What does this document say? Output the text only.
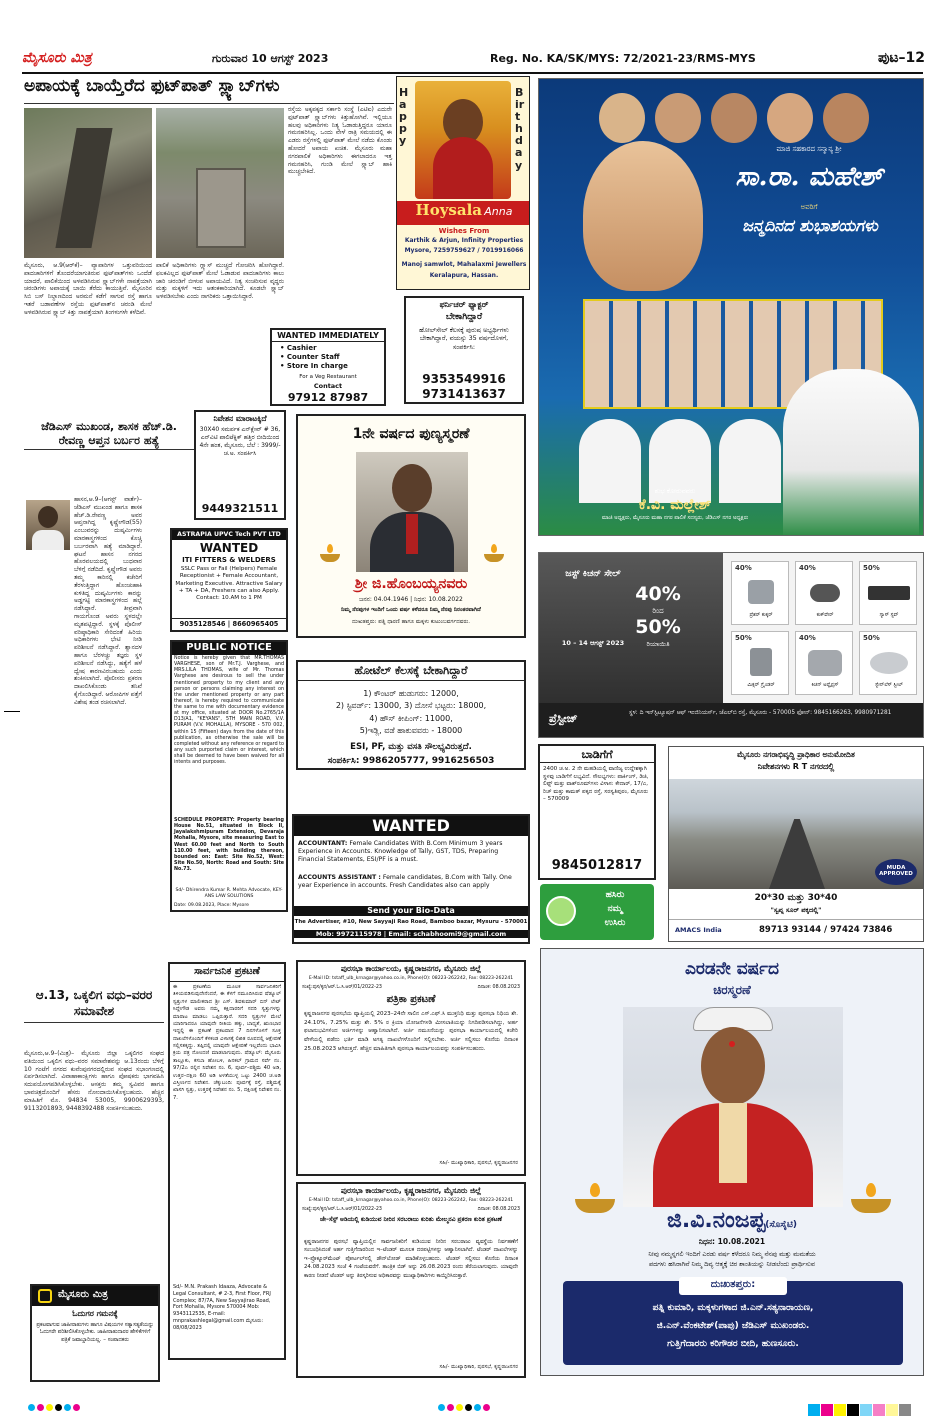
ಮೈಸೂರು ಮಿತ್ರ	ಗುರುವಾರ 10 ಆಗಸ್ಟ್ 2023	Reg. No. KA/SK/MYS: 72/2021-23/RMS-MYS	ಪುಟ–12
ಅಪಾಯಕ್ಕೆ ಬಾಯ್ತೆರೆದ ಫುಟ್‌ಪಾತ್ ಸ್ಲ್ಯಾಬ್‌ಗಳು
ಮೈಸೂರು, ಆ.9(ಆರ್‌ಕೆ)– ವ್ಯಾಪಾರಿಗಳ ಒತ್ತುವರಿಯಿಂದ ಪಾದಚಾರಿಗಳಿಗೆ ತೊಂದರೆಯಾಗುತಿರುವ ಫುಟ್‌ಪಾತ್‌ಗಳು ಒಂದೆಡೆ ಯಾದರೆ, ಪಾಲಿಕೆಯಿಂದ ಅಳವಡಿಸಿರುವ ಸ್ಲ್ಯಾಬ್‌ಗಳೇ ನಾಪತ್ತೆಯಾಗಿ ಚರಂಡಿಗಳು ಅಪಾಯಕ್ಕೆ ಬಾಯಿ ತೆರೆದು ಕಾಯುತ್ತಿವೆ. ಮೈಸೂರಿನ ಸಿಬಿ ಬಸ್ ನಿಲ್ದಾಣದಿಂದ ಅರಮನೆ ಕಡೆಗೆ ಸಾಗುವ ರಸ್ತೆ ಹಾಗೂ ಇತರೆ ಬಡಾವಣೆಗಳ ರಸ್ತೆಯ ಫುಟ್‌ಪಾತ್‌ನ ಚರಂಡಿ ಮೇಲೆ ಅಳವಡಿಸಿರುವ ಸ್ಲ್ಯಾಬ್ ಕಿತ್ತು ನಾಪತ್ತೆಯಾಗಿ ತಿಂಗಳುಗಳೇ ಕಳೆದಿವೆ.
ಪಾಲಿಕೆ ಅಧಿಕಾರಿಗಳು ಗ್ಲ್ಯಾಸ್ ಮುಚ್ಚದೆ ಗೋಚರಿಸಿ ಹೋಗಿದ್ದಾರೆ. ಫಲಕವಿಲ್ಲದ ಫುಟ್‌ಪಾತ್ ಮೇಲೆ ಓಡಾಡುವ ಪಾದಚಾರಿಗಳು ಕಾಲು ಜಾರಿ ಚರಂಡಿಗೆ ಬೀಳುವ ಅಪಾಯವಿದೆ. ನಿತ್ಯ ಸಂಚರಿಸುವ ವೃದ್ಧರು ಮತ್ತು ಮಕ್ಕಳಿಗೆ ಇದು ಆತಂಕಕಾರಿಯಾಗಿದೆ. ಕೂಡಲೇ ಸ್ಲ್ಯಾಬ್ ಅಳವಡಿಸಬೇಕು ಎಂದು ನಾಗರಿಕರು ಒತ್ತಾಯಿಸಿದ್ದಾರೆ.
ರಸ್ತೆಯ ಅಕ್ಕಪಕ್ಕದ ಸರ್ಕಾರಿ ಸಂಸ್ಥೆ (ಎಟಿಐ) ಎದುರೇ ಫುಟ್‌ಪಾತ್ ಸ್ಲ್ಯಾಬ್‌ಗಳು ಕಿತ್ತುಹೋಗಿವೆ. ಇಲ್ಲಿಯೂ ಹಲವು ಅಧಿಕಾರಿಗಳು ನಿತ್ಯ ಓಡಾಡುತ್ತಿದ್ದರೂ ಯಾರೂ ಗಮನಹರಿಸಿಲ್ಲ. ಒಂದು ವೇಳೆ ರಾತ್ರಿ ಸಮಯದಲ್ಲಿ ಈ ಎಡರು ರಸ್ತೆಗಳಲ್ಲಿ ಫುಟ್‌ಪಾತ್ ಮೇಲೆ ನಡೆದು ಕೊಂಡು ಹೋದರೆ ಅಪಾಯ ಖಚಿತ. ಮೈಸೂರು ಮಹಾ ನಗರಪಾಲಿಕೆ ಅಧಿಕಾರಿಗಳು ಈಗಲಾದರೂ ಇತ್ತ ಗಮನಹರಿಸಿ, ಗುಂಡಿ ಮೇಲೆ ಸ್ಲ್ಯಾಬ್ ಹಾಕಿ ಮುಚ್ಚಬೇಕಿದೆ.
Happy
Birthday
Hoysala Anna
Wishes From
Karthik & Arjun, Infinity Properties
Mysore, 7259759627 / 7019916066
Manoj samwlot, Mahalaxmi Jewellers
Keralapura, Hassan.
ಫರ್ನಿಚರ್ ಫ್ಯಾಕ್ಟರ್
ಬೇಕಾಗಿದ್ದಾರೆ
ಹೋಲ್‌ಸೇಲ್ ಕೆಲಸಕ್ಕೆ ಪುರುಷ ಅಭ್ಯರ್ಥಿಗಳು ಬೇಕಾಗಿದ್ದಾರೆ, ವಯಸ್ಸು 35 ವರ್ಷದೊಳಗೆ, ಸಂಪರ್ಕಿಸಿ:
9353549916
9731413637
WANTED IMMEDIATELY
• Cashier
• Counter Staff
• Store In charge
For a Veg Restaurant
Contact
97912 87987
ಜೆಡಿಎಸ್ ಮುಖಂಡ, ಶಾಸಕ ಹೆಚ್.ಡಿ. ರೇವಣ್ಣ ಆಪ್ತನ ಬರ್ಬರ ಹತ್ಯೆ
ಹಾಸನ,ಆ.9–(ಆಗಸ್ಟ್ ವಾರ್ತೆ)– ಜೆಡಿಎಸ್ ಮುಖಂಡ ಹಾಗೂ ಶಾಸಕ ಹೆಚ್.ಡಿ.ರೇವಣ್ಣ ಅವರ ಆಪ್ತನಾಗಿದ್ದ ಕೃಷ್ಣೇಗೌಡ(55) ಎಂಬುವರನ್ನು ದುಷ್ಕರ್ಮಿಗಳು ಮಾರಕಾಸ್ತ್ರಗಳಿಂದ ಕೊಚ್ಚಿ ಬರ್ಬರವಾಗಿ ಹತ್ಯೆ ಮಾಡಿದ್ದಾರೆ. ಘಟನೆ ಹಾಸನ ನಗರದ ಹೊರವಲಯದಲ್ಲಿ ಬುಧವಾರ ಬೆಳಿಗ್ಗೆ ನಡೆದಿದೆ. ಕೃಷ್ಣೇಗೌಡ ಅವರು ತಮ್ಮ ಕಾರಿನಲ್ಲಿ ಕಚೇರಿಗೆ ತೆರಳುತ್ತಿದ್ದಾಗ ಹೊಂಚುಹಾಕಿ ಕುಳಿತಿದ್ದ ದುಷ್ಕರ್ಮಿಗಳು ಕಾರನ್ನು ಅಡ್ಡಗಟ್ಟಿ ಮಾರಕಾಸ್ತ್ರಗಳಿಂದ ಹಲ್ಲೆ ನಡೆಸಿದ್ದಾರೆ. ತೀವ್ರವಾಗಿ ಗಾಯಗೊಂಡ ಅವರು ಸ್ಥಳದಲ್ಲೇ ಮೃತಪಟ್ಟಿದ್ದಾರೆ. ಸ್ಥಳಕ್ಕೆ ಪೊಲೀಸ್ ವರಿಷ್ಠಾಧಿಕಾರಿ ಸೇರಿದಂತೆ ಹಿರಿಯ ಅಧಿಕಾರಿಗಳು ಭೇಟಿ ನೀಡಿ ಪರಿಶೀಲನೆ ನಡೆಸಿದ್ದಾರೆ. ಶ್ವಾನದಳ ಹಾಗೂ ಬೆರಳಚ್ಚು ತಜ್ಞರು ಸ್ಥಳ ಪರಿಶೀಲನೆ ನಡೆಸಿದ್ದು, ಹತ್ಯೆಗೆ ಹಳೆ ದ್ವೇಷ ಕಾರಣವಿರಬಹುದು ಎಂದು ಶಂಕಿಸಲಾಗಿದೆ. ಪೊಲೀಸರು ಪ್ರಕರಣ ದಾಖಲಿಸಿಕೊಂಡು ತನಿಖೆ ಕೈಗೊಂಡಿದ್ದಾರೆ. ಆರೋಪಿಗಳ ಪತ್ತೆಗೆ ವಿಶೇಷ ತಂಡ ರಚಿಸಲಾಗಿದೆ.
ನಿವೇಶನ ಮಾರಾಟಕ್ಕಿದೆ
30X40 ಸಮರ್ಪಕ ಎನ್‌ಕ್ಲೇವ್ # 36, ಎನ್‌ವಿಟಿ ಪಾಲಿಟೆಕ್ನಿಕ್ ಹತ್ತಿರ ಬೀದಿಯಿಂದ 4ನೇ ಹಂತ, ಮೈಸೂರು, ಬೆಲೆ : 3999/- ಚ.ಅ. ಸಂಪರ್ಕಿಸಿ
9449321511
ASTRAPIA UPVC Tech PVT LTD
WANTED
ITI FITTERS & WELDERS
SSLC Pass or Fail (Helpers) Female Receptionist + Female Accountant, Marketing Executive. Attractive Salary + TA + DA, Freshers can also Apply. Contact: 10.AM to 1 PM
9035128546 | 8660965405
1ನೇ ವರ್ಷದ ಪುಣ್ಯಸ್ಮರಣೆ
ಶ್ರೀ ಜಿ.ಹೊಂಬಯ್ಯನವರು
ಜನನ: 04.04.1946 | ನಿಧನ: 10.08.2022
ನಿಮ್ಮ ನೆನಪುಗಳ ಇಂದಿಗೆ ಒಂದು ವರ್ಷ ಕಳೆದರೂ ನಿಮ್ಮ ನೆನಪು ನಿರಂತರವಾಗಿದೆ
ದುಃಖತಪ್ತರು: ಪತ್ನಿ ಧಾರಣಿ ಹಾಗೂ ಮಕ್ಕಳು ಕುಟುಂಬವರ್ಗದವರು.
PUBLIC NOTICE
Notice is hereby given that MR.THOMAS VARGHESE, son of Mr.T.J. Varghese, and MRS.LILA THOMAS, wife of Mr. Thomas Varghese are desirous to sell the under mentioned property to my client and any person or persons claiming any interest on the under mentioned property or any part thereof, is hereby required to communicate the same to me with documentary evidence at my office, situated at DOOR No.2765/1A D13/A1, "KEYANS", 5TH MAIN ROAD, V.V. PURAM (V.V. MOHALLA), MYSORE - 570 002, within 15 (Fifteen) days from the date of this publication, as otherwise the sale will be completed without any reference or regard to any such purported claim or interest, which shall be deemed to have been waived for all intents and purposes.
SCHEDULE PROPERTY: Property bearing House No.51, situated in Block II, Jayalakshmipuram Extension, Devaraja Mohalla, Mysore, site measuring East to West 60.00 feet and North to South 110.00 feet, with building thereon, bounded on: East: Site No.52, West: Site No.50, North: Road and South: Site No.73.
Sd/- Dhirendra Kumar R. Mehta Advocate, KEY-ANS LAW SOLUTIONS
Date: 09.08.2023, Place: Mysore
ಹೋಟೆಲ್ ಕೆಲಸಕ್ಕೆ ಬೇಕಾಗಿದ್ದಾರೆ
1) ಕೌಂಟರ್ ಹುಡುಗರು: 12000,
2) ಸ್ಟಿವರ್ಡ್: 13000, 3) ದೋಸೆ ಭಟ್ಟರು: 18000,
4) ಹೌಸ್ ಕೀಪಿಂಗ್: 11000,
5)ಇಡ್ಲಿ, ವಡೆ ಹಾಕುವವರು - 18000
ESI, PF, ಮತ್ತು ವಸತಿ ಸೌಲಭ್ಯವಿರುತ್ತದೆ.
ಸಂಪರ್ಕಿಸಿ: 9986205777, 9916256503
WANTED
ACCOUNTANT: Female Candidates With B.Com Minimum 3 years Experience in Accounts. Knowledge of Tally, GST, TDS, Preparing Financial Statements, ESI/PF is a must.
ACCOUNTS ASSISTANT : Female candidates, B.Com with Tally. One year Experience in accounts. Fresh Candidates also can apply
Send your Bio-Data
The Advertiser, #10, New Sayyaji Rao Road, Bamboo bazar, Mysuru - 570001
Mob: 9972115978 | Email: schabhoomi9@gmail.com
ಆ.13, ಒಕ್ಕಲಿಗ ವಧು–ವರರ ಸಮಾವೇಶ
ಮೈಸೂರು,ಆ.9–(ಮಿತ್ರ)– ಮೈಸೂರು ಜಿಲ್ಲಾ ಒಕ್ಕಲಿಗರ ಸಂಘದ ವತಿಯಿಂದ ಒಕ್ಕಲಿಗ ವಧು–ವರರ ಸಮಾವೇಶವನ್ನು ಆ.13ರಂದು ಬೆಳಿಗ್ಗೆ 10 ಗಂಟೆಗೆ ನಗರದ ಕುವೆಂಪುನಗರದಲ್ಲಿರುವ ಸಂಘದ ಸಭಾಂಗಣದಲ್ಲಿ ಏರ್ಪಡಿಸಲಾಗಿದೆ. ವಿವಾಹಾಕಾಂಕ್ಷಿಗಳು ಹಾಗೂ ಪೋಷಕರು ಭಾಗವಹಿಸಿ ಸದುಪಯೋಗಪಡಿಸಿಕೊಳ್ಳಬೇಕು. ಆಸಕ್ತರು ತಮ್ಮ ಸ್ವವಿವರ ಹಾಗೂ ಭಾವಚಿತ್ರದೊಂದಿಗೆ ಹೆಸರು ನೋಂದಾಯಿಸಿಕೊಳ್ಳಬಹುದು. ಹೆಚ್ಚಿನ ಮಾಹಿತಿಗೆ ಮೊ. 94834 53005, 9900629393, 9113201893, 9448392488 ಸಂಪರ್ಕಿಸಬಹುದು.
ಮೈಸೂರು ಮಿತ್ರ
ಓದುಗರ ಗಮನಕ್ಕೆ
ಪ್ರಕಟವಾಗುವ ಜಾಹೀರಾತುಗಳು ಹಾಗೂ ವಿಷಯಗಳ ಸತ್ಯಾಸತ್ಯತೆಯನ್ನು ಓದುಗರೇ ಪರಿಶೀಲಿಸಿಕೊಳ್ಳಬೇಕು. ಜಾಹೀರಾತುದಾರರ ಹೇಳಿಕೆಗಳಿಗೆ ಪತ್ರಿಕೆ ಜವಾಬ್ದಾರಿಯಲ್ಲ. – ಸಂಪಾದಕರು
ಸಾರ್ವಜನಿಕ ಪ್ರಕಟಣೆ
ಈ ಪ್ರಕಟಣೆಯ ಮೂಲಕ ಸಾರ್ವಜನಿಕರಿಗೆ ತಿಳಿಯಪಡಿಸುವುದೇನೆಂದರೆ, ಈ ಕೆಳಗೆ ನಮೂದಿಸಿರುವ ಷೆಡ್ಯೂಲ್ ಸ್ವತ್ತುಗಳ ಮಾಲೀಕರಾದ ಶ್ರೀ ಎಸ್. ಶಿವಕುಮಾರ್ ಬಿನ್ ಲೇಟ್ ಸಿದ್ದೇಗೌಡ ಅವರು ನಮ್ಮ ಕಕ್ಷಿದಾರರಿಗೆ ಸದರಿ ಸ್ವತ್ತುಗಳನ್ನು ಮಾರಾಟ ಮಾಡಲು ಒಪ್ಪಿರುತ್ತಾರೆ. ಸದರಿ ಸ್ವತ್ತುಗಳ ಮೇಲೆ ಯಾರಿಗಾದರೂ ಯಾವುದೇ ರೀತಿಯ ಹಕ್ಕು, ಬಾಧ್ಯತೆ, ಋಣಭಾರ ಇದ್ದಲ್ಲಿ ಈ ಪ್ರಕಟಣೆ ಪ್ರಕಟವಾದ 7 ದಿನಗಳೊಳಗೆ ಸೂಕ್ತ ದಾಖಲೆಗಳೊಂದಿಗೆ ಕೆಳಕಂಡ ವಿಳಾಸಕ್ಕೆ ಲಿಖಿತ ರೂಪದಲ್ಲಿ ಆಕ್ಷೇಪಣೆ ಸಲ್ಲಿಸತಕ್ಕದ್ದು. ತಪ್ಪಿದಲ್ಲಿ ಯಾವುದೇ ಆಕ್ಷೇಪಣೆ ಇಲ್ಲವೆಂದು ಭಾವಿಸಿ ಕ್ರಯ ಪತ್ರ ನೋಂದಣಿ ಮಾಡಲಾಗುವುದು. ಷೆಡ್ಯೂಲ್: ಮೈಸೂರು ತಾಲ್ಲೂಕು, ಕಸಬಾ ಹೋಬಳಿ, ಹಿನಕಲ್ ಗ್ರಾಮದ ಸರ್ವೆ ನಂ. 97/2ಎ ರಲ್ಲಿನ ನಿವೇಶನ ನಂ. 6, ಪೂರ್ವ–ಪಶ್ಚಿಮ 40 ಅಡಿ, ಉತ್ತರ–ದಕ್ಷಿಣ 60 ಅಡಿ ಅಳತೆಯುಳ್ಳ ಒಟ್ಟು 2400 ಚ.ಅಡಿ ವಿಸ್ತೀರ್ಣದ ನಿವೇಶನ. ಚೆಕ್ಕುಬಂದಿ: ಪೂರ್ವಕ್ಕೆ ರಸ್ತೆ, ಪಶ್ಚಿಮಕ್ಕೆ ಖಾಸಗಿ ಸ್ವತ್ತು, ಉತ್ತರಕ್ಕೆ ನಿವೇಶನ ನಂ. 5, ದಕ್ಷಿಣಕ್ಕೆ ನಿವೇಶನ ನಂ. 7.
Sd/- M.N. Prakash Idaaza, Advocate & Legal Consultant, # 2-3, First Floor, FRJ Complex; 87/7A, New Sayyajirao Road, Fort Mohalla, Mysore 570004 Mob: 9343112535, E-mail: mnprakashlegal@gmail.com ಮೈಸೂರು: 08/08/2023
ಪುರಸಭಾ ಕಾರ್ಯಾಲಯ, ಕೃಷ್ಣರಾಜನಗರ, ಮೈಸೂರು ಜಿಲ್ಲೆ
E-Mail ID: tstaff_ulb_krnagar@yahoo.co.in, Phone(O): 08223-262242, Fax: 08223-262241
ಸಂಖ್ಯೆ:ಪುಸ/ಕೃನ/ಆರ್.ಓ.ಸಿ.ಆರ್/01/2022-23	ದಿನಾಂಕ: 08.08.2023
ಪತ್ರಿಕಾ ಪ್ರಕಟಣೆ
ಕೃಷ್ಣರಾಜನಗರ ಪುರಸಭೆಯ ವ್ಯಾಪ್ತಿಯಲ್ಲಿ 2023–24ನೇ ಸಾಲಿನ ಎಸ್.ಎಫ್.ಸಿ ಮುಕ್ತನಿಧಿ ಮತ್ತು ಪುರಸಭಾ ನಿಧಿಯ ಶೇ. 24.10%, 7.25% ಮತ್ತು ಶೇ. 5% ರ ಕ್ರಿಯಾ ಯೋಜನೆಗಳಡಿ ಮೀಸಲಾತಿಯನ್ನು ನಿಗದಿಪಡಿಸಲಾಗಿದ್ದು, ಅರ್ಹ ಫಲಾನುಭವಿಗಳಿಂದ ಅರ್ಜಿಗಳನ್ನು ಆಹ್ವಾನಿಸಲಾಗಿದೆ. ಅರ್ಜಿ ನಮೂನೆಯನ್ನು ಪುರಸಭಾ ಕಾರ್ಯಾಲಯದಲ್ಲಿ ಕಚೇರಿ ವೇಳೆಯಲ್ಲಿ ಪಡೆದು ಭರ್ತಿ ಮಾಡಿ ಅಗತ್ಯ ದಾಖಲೆಗಳೊಂದಿಗೆ ಸಲ್ಲಿಸಬೇಕು. ಅರ್ಜಿ ಸಲ್ಲಿಸಲು ಕೊನೆಯ ದಿನಾಂಕ 25.08.2023 ಆಗಿರುತ್ತದೆ. ಹೆಚ್ಚಿನ ಮಾಹಿತಿಗಾಗಿ ಪುರಸಭಾ ಕಾರ್ಯಾಲಯವನ್ನು ಸಂಪರ್ಕಿಸಬಹುದು.
ಸಹಿ/- ಮುಖ್ಯಾಧಿಕಾರಿ, ಪುರಸಭೆ, ಕೃಷ್ಣರಾಜನಗರ
ಪುರಸಭಾ ಕಾರ್ಯಾಲಯ, ಕೃಷ್ಣರಾಜನಗರ, ಮೈಸೂರು ಜಿಲ್ಲೆ
E-Mail ID: tstaff_ulb_krnagar@yahoo.co.in, Phone(O): 08223-262242, Fax: 08223-262241
ಸಂಖ್ಯೆ:ಪುಸ/ಕೃನ/ಆರ್.ಓ.ಸಿ.ಆರ್/01/2022-23	ದಿನಾಂಕ: 08.08.2023
ಜೇ–ಸೆಸ್ಟ್ ಅಡಿಯಲ್ಲಿ ಕುಡಿಯುವ ನೀರಿನ ಸರಬರಾಜು ಕುರಿತು ಮೇಲ್ಮನವಿ ಪ್ರಕರಣ ಕುರಿತ ಪ್ರಕಟಣೆ
ಕೃಷ್ಣರಾಜನಗರ ಪುರಸಭೆ ವ್ಯಾಪ್ತಿಯಲ್ಲಿನ ಸಾರ್ವಜನಿಕರಿಗೆ ಕುಡಿಯುವ ನೀರಿನ ಸರಬರಾಜು ವ್ಯವಸ್ಥೆಯ ನಿರ್ವಹಣೆಗೆ ಸಂಬಂಧಿಸಿದಂತೆ ಅರ್ಹ ಗುತ್ತಿಗೆದಾರರಿಂದ ಇ–ಟೆಂಡರ್ ಮೂಲಕ ದರಪಟ್ಟಿಗಳನ್ನು ಆಹ್ವಾನಿಸಲಾಗಿದೆ. ಟೆಂಡರ್ ದಾಖಲೆಗಳನ್ನು ಇ–ಪ್ರೊಕ್ಯೂರ್‌ಮೆಂಟ್ ಪೋರ್ಟಲ್‌ನಲ್ಲಿ ಡೌನ್‌ಲೋಡ್ ಮಾಡಿಕೊಳ್ಳಬಹುದು. ಟೆಂಡರ್ ಸಲ್ಲಿಸಲು ಕೊನೆಯ ದಿನಾಂಕ 24.08.2023 ಸಂಜೆ 4 ಗಂಟೆಯವರೆಗೆ. ತಾಂತ್ರಿಕ ಬಿಡ್ ಅನ್ನು 26.08.2023 ರಂದು ತೆರೆಯಲಾಗುವುದು. ಯಾವುದೇ ಕಾರಣ ನೀಡದೆ ಟೆಂಡರ್ ಅನ್ನು ತಿರಸ್ಕರಿಸುವ ಅಧಿಕಾರವನ್ನು ಮುಖ್ಯಾಧಿಕಾರಿಗಳು ಕಾಯ್ದಿರಿಸಿರುತ್ತಾರೆ.
ಸಹಿ/- ಮುಖ್ಯಾಧಿಕಾರಿ, ಪುರಸಭೆ, ಕೃಷ್ಣರಾಜನಗರ
ಮಾಜಿ ಸಹಕಾರದ ಸನ್ಮಾನ್ಯ ಶ್ರೀ
ಸಾ.ರಾ. ಮಹೇಶ್
ಅವರಿಗೆ
ಜನ್ಮದಿನದ ಶುಭಾಶಯಗಳು
ಶುಭ ಕೋರುವವರು
ಕೆ.ವಿ. ಮಲ್ಲೇಶ್
ಮಾಜಿ ಅಧ್ಯಕ್ಷರು, ಮೈಸೂರು ಮಹಾ ನಗರ ಪಾಲಿಕೆ ಸದಸ್ಯರು, ಜೆಡಿಎಸ್ ನಗರ ಅಧ್ಯಕ್ಷರು
ಜಸ್ಟ್ ಕಿಚನ್ ಸೇಲ್
40%
ರಿಂದ
50%
ರಿಯಾಯಿತಿ
10 – 14 ಆಗಸ್ಟ್ 2023
40%
ಪ್ರೆಶರ್ ಕುಕ್ಕರ್
40%
ಕುಕ್‌ವೇರ್
50%
ಗ್ಯಾಸ್ ಸ್ಟವ್
50%
ಮಿಕ್ಸರ್ ಗ್ರೈಂಡರ್
40%
ಕಿಚನ್ ಅಪ್ಲೈನ್ಸಸ್
50%
ಸ್ಟೇನ್‌ಲೆಸ್ ಸ್ಟೀಲ್
ಪ್ರೆಸ್ಟೀಜ್	ಸ್ಥಳ: ದಿ ಇನ್‌ಸ್ಟಿಟ್ಯೂಷನ್ ಆಫ್ ಇಂಜಿನಿಯರ್ಸ್, ಜೆಎಲ್‌ಬಿ ರಸ್ತೆ, ಮೈಸೂರು - 570005 ಫೋನ್: 9845166263, 9980971281
ಬಾಡಿಗೆಗೆ
2400 ಚ.ಅ. 2 ನೇ ಮಹಡಿಯಲ್ಲಿ ವಾಣಿಜ್ಯ ಉದ್ದೇಶಕ್ಕಾಗಿ ಸ್ಥಳವು ಬಾಡಿಗೆಗೆ ಲಭ್ಯವಿದೆ. ಸೌಲಭ್ಯಗಳು: ಪಾರ್ಕಿಂಗ್, ಡಿಜಿ, ಲಿಫ್ಟ್ ಮತ್ತು ವಾಶ್‌ರೂಮ್‌ಗಳು ವಿಳಾಸ: ಕೇದಾರ್, 17/ಎ, ರಿಚ್ ಮತ್ತು ಕಾಮತ್ ಪಕ್ಕದ ರಸ್ತೆ, ಸರಸ್ವತಿಪುರಂ, ಮೈಸೂರು – 570009
9845012817
ಹಸಿರು
ನಮ್ಮ
ಉಸಿರು
ಮೈಸೂರು ನಗರಾಭಿವೃದ್ಧಿ ಪ್ರಾಧಿಕಾರ ಅನುಮೋದಿತ
ನಿವೇಶನಗಳು R T ನಗರದಲ್ಲಿ
MUDA APPROVED
20*30 ಮತ್ತು 30*40
"ಸ್ವಪ್ನ ಸೂರ್ ಪಕ್ಕದಲ್ಲಿ"
AMACS India	89713 93144 / 97424 73846
ಎರಡನೇ ವರ್ಷದ
ಚಿರಸ್ಮರಣೆ
ಜಿ.ವಿ.ನಂಜಪ್ಪ(ಸೊಸೈಟಿ)
ನಿಧನ: 10.08.2021
ನೀವು ನಮ್ಮನ್ನಗಲಿ ಇಂದಿಗೆ ಎರಡು ವರ್ಷ ಕಳೆದರೂ ನಿಮ್ಮ ನೆನಪು ಮತ್ತು ಮಮತೆಯ
ಪದಗಳು ಹಸಿರಾಗಿವೆ ನಿಮ್ಮ ದಿವ್ಯ ಆತ್ಮಕ್ಕೆ ಚಿರ ಶಾಂತಿಯನ್ನು ನೀಡಲೆಂದು ಪ್ರಾರ್ಥಿಸುವ
ದುಃಖತಪ್ತರು:
ಪತ್ನಿ ಕುಮಾರಿ, ಮಕ್ಕಳುಗಳಾದ ಜಿ.ಎನ್.ಸತ್ಯನಾರಾಯಣ,
ಜಿ.ಎನ್.ವೆಂಕಟೇಶ್(ಪಾಪು) ಜೆಡಿಎಸ್ ಮುಖಂಡರು.
ಗುತ್ತಿಗೆದಾರರು ಕರಿಗೌಡರ ಬೀದಿ, ಹುಣಸೂರು.
